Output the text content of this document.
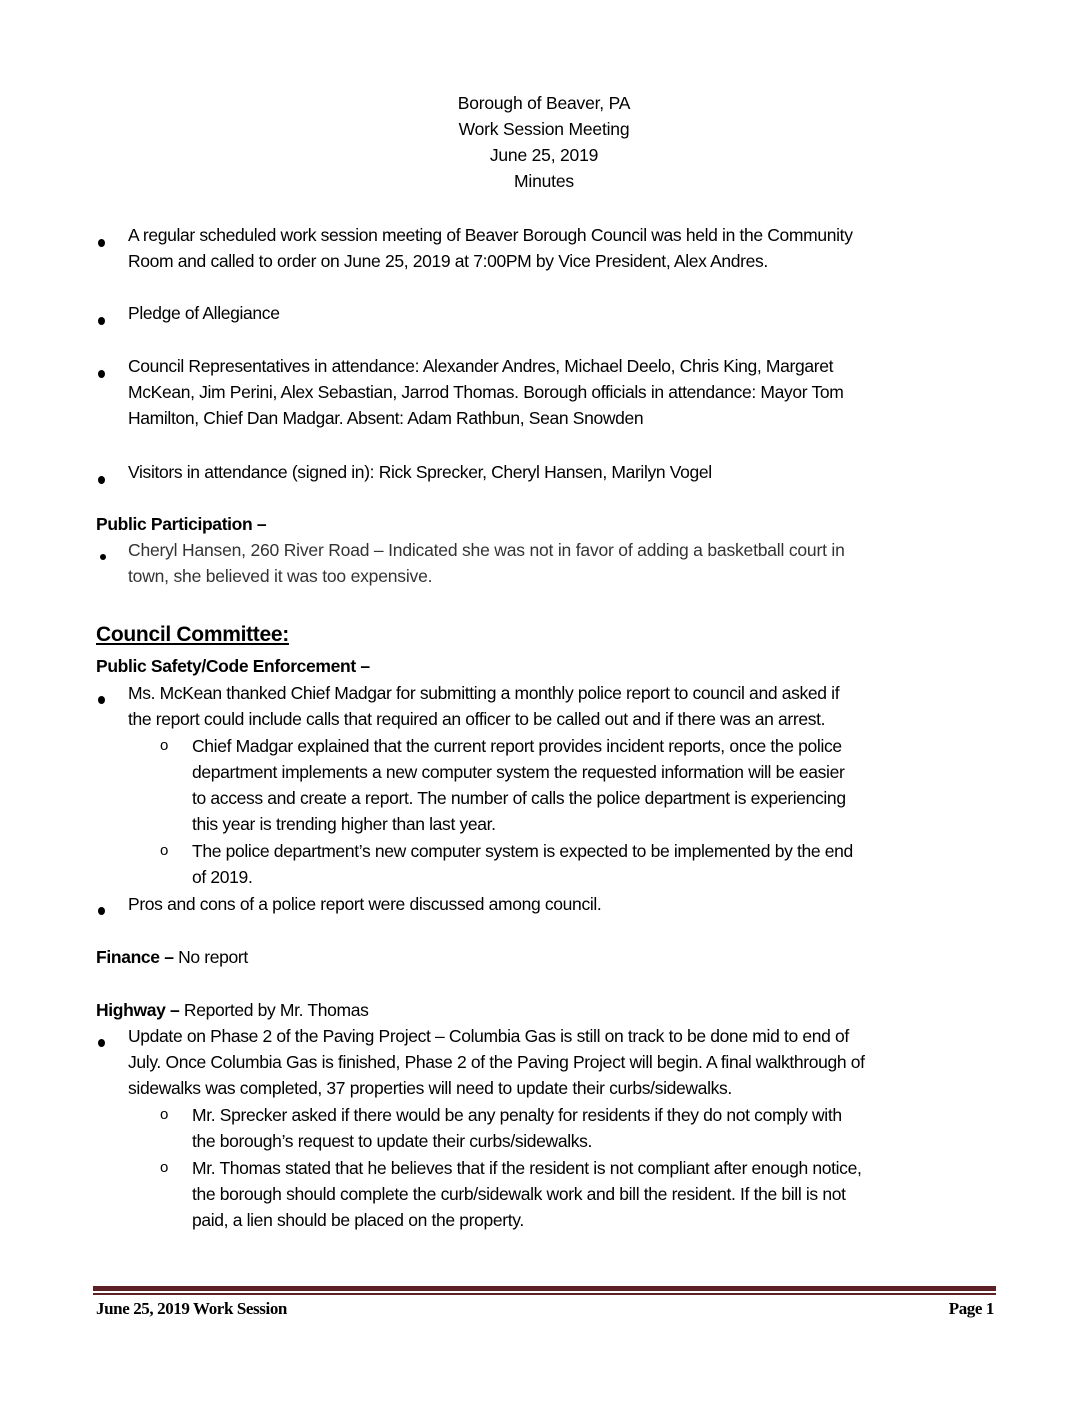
Borough of Beaver, PA
Work Session Meeting
June 25, 2019
Minutes
A regular scheduled work session meeting of Beaver Borough Council was held in the Community
Room and called to order on June 25, 2019 at 7:00PM by Vice President, Alex Andres.
Pledge of Allegiance
Council Representatives in attendance: Alexander Andres, Michael Deelo, Chris King, Margaret
McKean, Jim Perini, Alex Sebastian, Jarrod Thomas. Borough officials in attendance: Mayor Tom
Hamilton, Chief Dan Madgar. Absent: Adam Rathbun, Sean Snowden
Visitors in attendance (signed in): Rick Sprecker, Cheryl Hansen, Marilyn Vogel
Public Participation –
Cheryl Hansen, 260 River Road – Indicated she was not in favor of adding a basketball court in
town, she believed it was too expensive.
Council Committee:
Public Safety/Code Enforcement –
Ms. McKean thanked Chief Madgar for submitting a monthly police report to council and asked if
the report could include calls that required an officer to be called out and if there was an arrest.
o Chief Madgar explained that the current report provides incident reports, once the police
department implements a new computer system the requested information will be easier
to access and create a report. The number of calls the police department is experiencing
this year is trending higher than last year.
o The police department’s new computer system is expected to be implemented by the end
of 2019.
Pros and cons of a police report were discussed among council.
Finance – No report
Highway – Reported by Mr. Thomas
Update on Phase 2 of the Paving Project – Columbia Gas is still on track to be done mid to end of
July. Once Columbia Gas is finished, Phase 2 of the Paving Project will begin. A final walkthrough of
sidewalks was completed, 37 properties will need to update their curbs/sidewalks.
o Mr. Sprecker asked if there would be any penalty for residents if they do not comply with
the borough’s request to update their curbs/sidewalks.
o Mr. Thomas stated that he believes that if the resident is not compliant after enough notice,
the borough should complete the curb/sidewalk work and bill the resident. If the bill is not
paid, a lien should be placed on the property.
June 25, 2019 Work Session	Page 1
